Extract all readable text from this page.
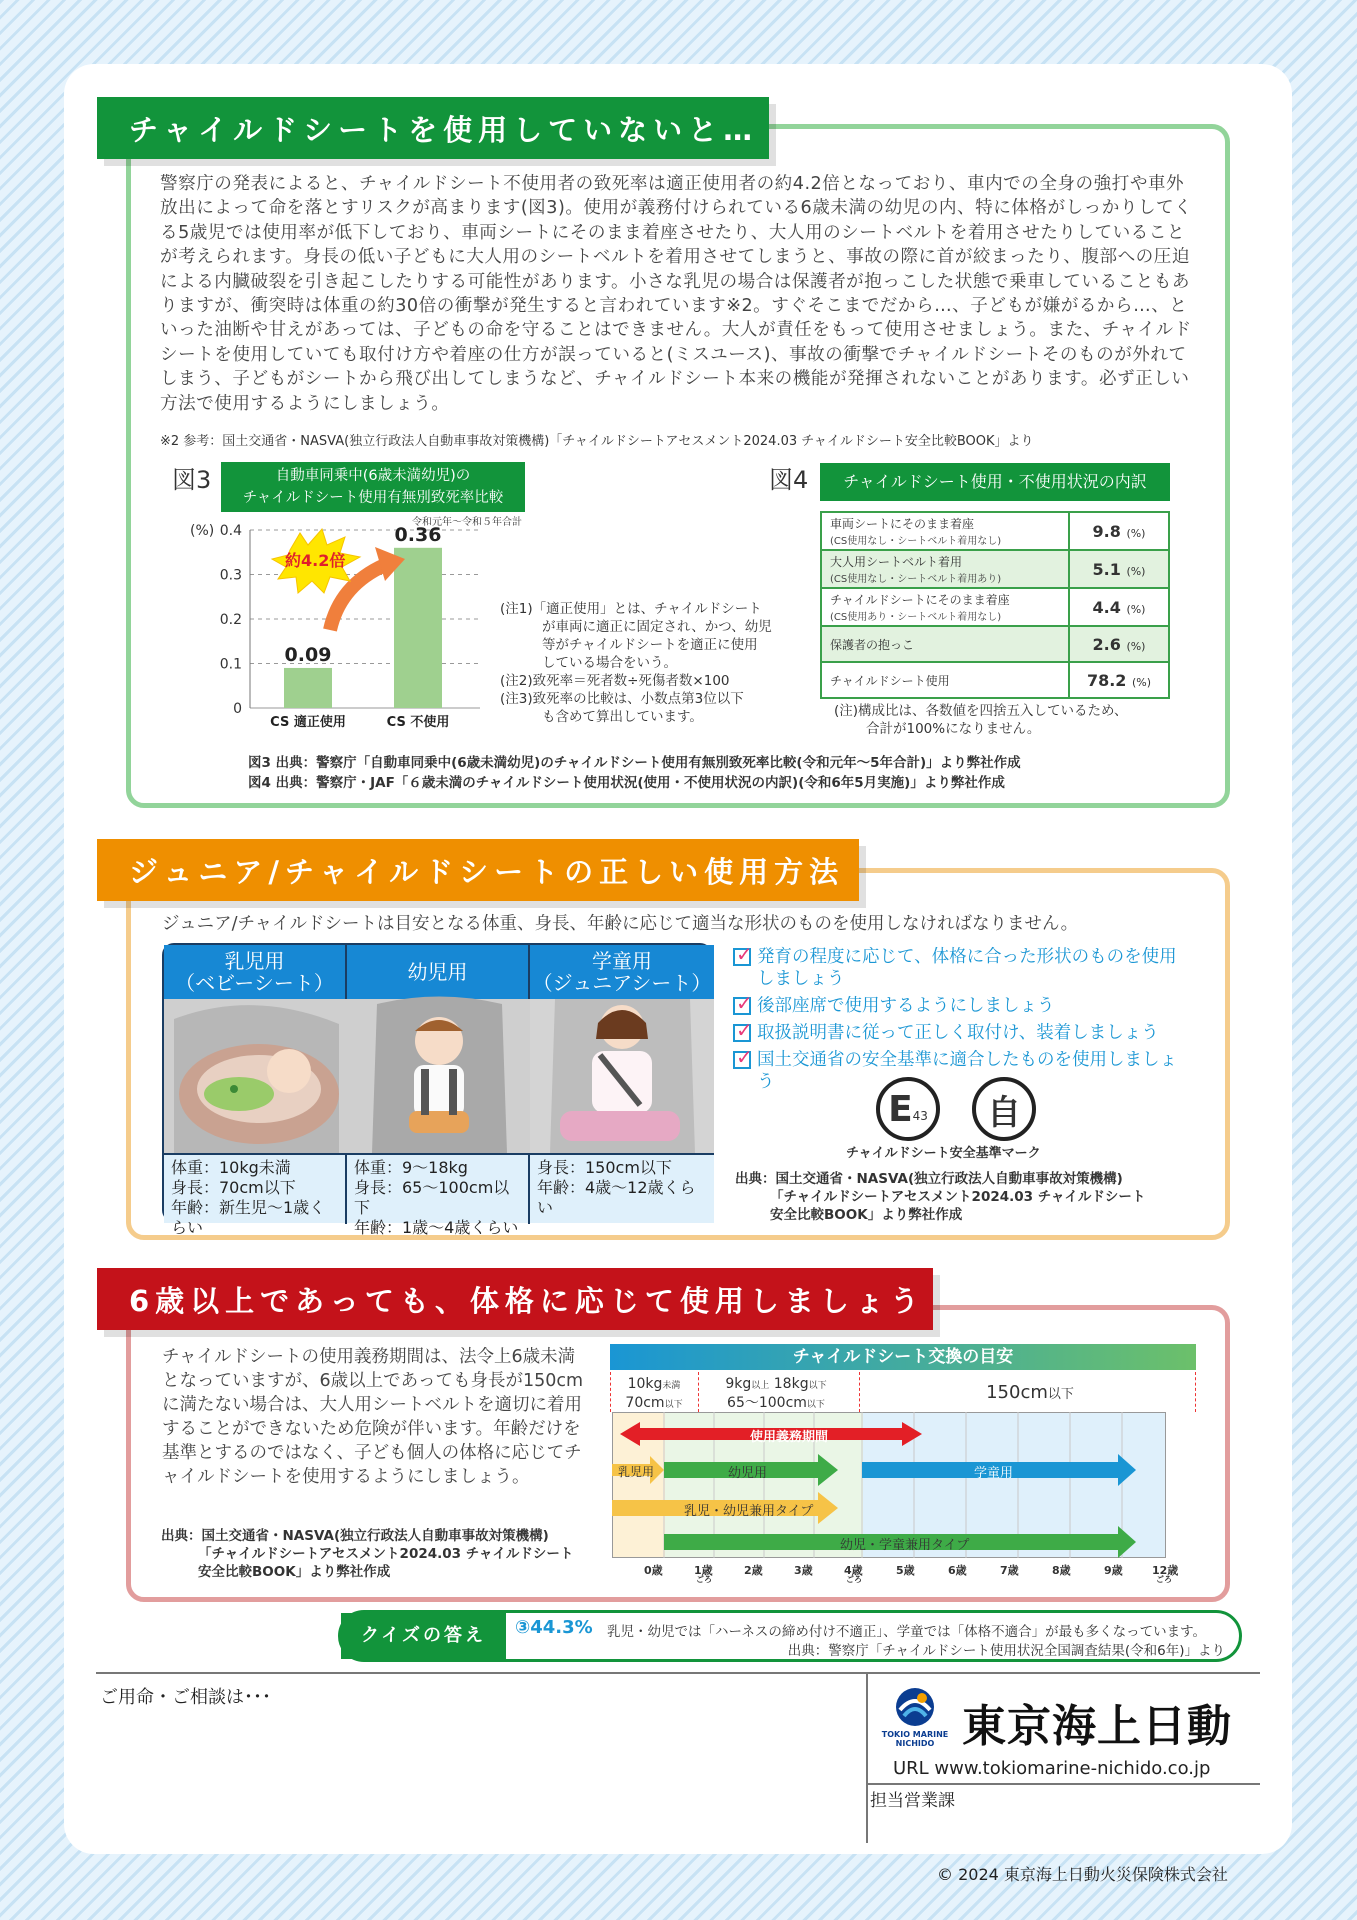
チャイルドシートを使用していないと…
警察庁の発表によると、チャイルドシート不使用者の致死率は適正使用者の約4.2倍となっており、車内での全身の強打や車外放出によって命を落とすリスクが高まります(図3)。使用が義務付けられている6歳未満の幼児の内、特に体格がしっかりしてくる5歳児では使用率が低下しており、車両シートにそのまま着座させたり、大人用のシートベルトを着用させたりしていることが考えられます。身長の低い子どもに大人用のシートベルトを着用させてしまうと、事故の際に首が絞まったり、腹部への圧迫による内臓破裂を引き起こしたりする可能性があります。小さな乳児の場合は保護者が抱っこした状態で乗車していることもありますが、衝突時は体重の約30倍の衝撃が発生すると言われています※2。すぐそこまでだから…、子どもが嫌がるから…、といった油断や甘えがあっては、子どもの命を守ることはできません。大人が責任をもって使用させましょう。また、チャイルドシートを使用していても取付け方や着座の仕方が誤っていると(ミスユース)、事故の衝撃でチャイルドシートそのものが外れてしまう、子どもがシートから飛び出してしまうなど、チャイルドシート本来の機能が発揮されないことがあります。必ず正しい方法で使用するようにしましょう。
※2 参考：国土交通省・NASVA(独立行政法人自動車事故対策機構)「チャイルドシートアセスメント2024.03 チャイルドシート安全比較BOOK」より
図3	自動車同乗中(6歳未満幼児)の
チャイルドシート使用有無別致死率比較
令和元年～令和５年合計
0
0.1
0.2
0.3
0.4
(%)
0.09
CS 適正使用
0.36
CS 不使用
約4.2倍
(注1)「適正使用」とは、チャイルドシート
が車両に適正に固定され、かつ、幼児
等がチャイルドシートを適正に使用
している場合をいう。
(注2)致死率＝死者数÷死傷者数×100
(注3)致死率の比較は、小数点第3位以下
も含めて算出しています。
図4	チャイルドシート使用・不使用状況の内訳
車両シートにそのまま着座
(CS使用なし・シートベルト着用なし)	9.8 (%)
大人用シートベルト着用
(CS使用なし・シートベルト着用あり)	5.1 (%)
チャイルドシートにそのまま着座
(CS使用あり・シートベルト着用なし)	4.4 (%)
保護者の抱っこ	2.6 (%)
チャイルドシート使用	78.2 (%)
(注)構成比は、各数値を四捨五入しているため、
合計が100%になりません。
図3 出典：警察庁「自動車同乗中(6歳未満幼児)のチャイルドシート使用有無別致死率比較(令和元年～5年合計)」より弊社作成
図4 出典：警察庁・JAF「６歳未満のチャイルドシート使用状況(使用・不使用状況の内訳)(令和6年5月実施)」より弊社作成
ジュニア/チャイルドシートの正しい使用方法
ジュニア/チャイルドシートは目安となる体重、身長、年齢に応じて適当な形状のものを使用しなければなりません。
乳児用
（ベビーシート）
体重：10kg未満
身長：70cm以下
年齢：新生児～1歳くらい
幼児用
体重：9～18kg
身長：65～100cm以下
年齢：1歳～4歳くらい
学童用
（ジュニアシート）
身長：150cm以下
年齢：4歳～12歳くらい
✓
発育の程度に応じて、体格に合った形状のものを使用しましょう
✓
後部座席で使用するようにしましょう
✓
取扱説明書に従って正しく取付け、装着しましょう
✓
国土交通省の安全基準に適合したものを使用しましょう
E 43 自
チャイルドシート安全基準マーク
出典：国土交通省・NASVA(独立行政法人自動車事故対策機構)
「チャイルドシートアセスメント2024.03 チャイルドシート
安全比較BOOK」より弊社作成
6歳以上であっても、体格に応じて使用しましょう
チャイルドシートの使用義務期間は、法令上6歳未満となっていますが、6歳以上であっても身長が150cmに満たない場合は、大人用シートベルトを適切に着用することができないため危険が伴います。年齢だけを基準とするのではなく、子ども個人の体格に応じてチャイルドシートを使用するようにしましょう。
出典：国土交通省・NASVA(独立行政法人自動車事故対策機構)
「チャイルドシートアセスメント2024.03 チャイルドシート
安全比較BOOK」より弊社作成
チャイルドシート交換の目安
10kg未満
70cm以下
9kg以上 18kg以下
65～100cm以下
150cm以下
使用義務期間
乳児用	幼児用	学童用
乳児・幼児兼用タイプ
幼児・学童兼用タイプ
0歳	1歳	2歳	3歳	4歳	5歳	6歳	7歳	8歳	9歳	12歳
ごろ	ごろ	ごろ
クイズの答え	③44.3% 乳児・幼児では「ハーネスの締め付け不適正」、学童では「体格不適合」が最も多くなっています。
出典：警察庁「チャイルドシート使用状況全国調査結果(令和6年)」より
ご用命・ご相談は･･･
TOKIO MARINE
NICHIDO 東京海上日動
URL www.tokiomarine-nichido.co.jp
担当営業課
© 2024 東京海上日動火災保険株式会社
